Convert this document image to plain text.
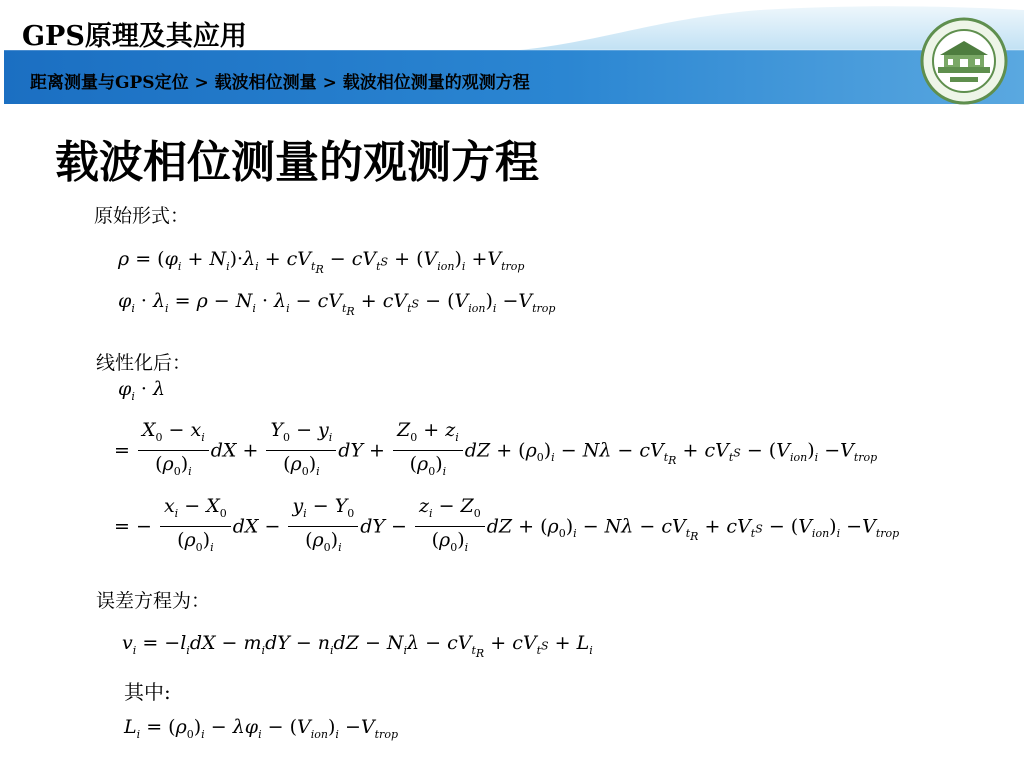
GPS原理及其应用
距离测量与GPS定位 > 载波相位测量 > 载波相位测量的观测方程
载波相位测量的观测方程
原始形式：
$\rho = (\varphi_i + N_i)\cdot\lambda_i + cV_{t_R} - cV_{t^S} + (V_{ion})_i +V_{trop}$
$\varphi_i \cdot \lambda_i = \rho - N_i \cdot \lambda_i - cV_{t_R} + cV_{t^S} - (V_{ion})_i -V_{trop}$
线性化后：
$\varphi_i \cdot \lambda$
= $\frac{X_0 - x_i}{(\rho_0)_i}$ dX + $\frac{Y_0 - y_i}{(\rho_0)_i}$ dY + $\frac{Z_0 + z_i}{(\rho_0)_i}$ dZ + $(\rho_0)_i - N\lambda - cV_{t_R} + cV_{t^S} - (V_{ion})_i -V_{trop}$
= − $\frac{x_i - X_0}{(\rho_0)_i}$ dX − $\frac{y_i - Y_0}{(\rho_0)_i}$ dY − $\frac{z_i - Z_0}{(\rho_0)_i}$ dZ + $(\rho_0)_i - N\lambda - cV_{t_R} + cV_{t^S} - (V_{ion})_i -V_{trop}$
误差方程为：
$v_i = -l_idX - m_idY - n_idZ - N_i\lambda - cV_{t_R} + cV_{t^S} + L_i$
其中:
$L_i = (\rho_0)_i - \lambda\varphi_i - (V_{ion})_i -V_{trop}$
